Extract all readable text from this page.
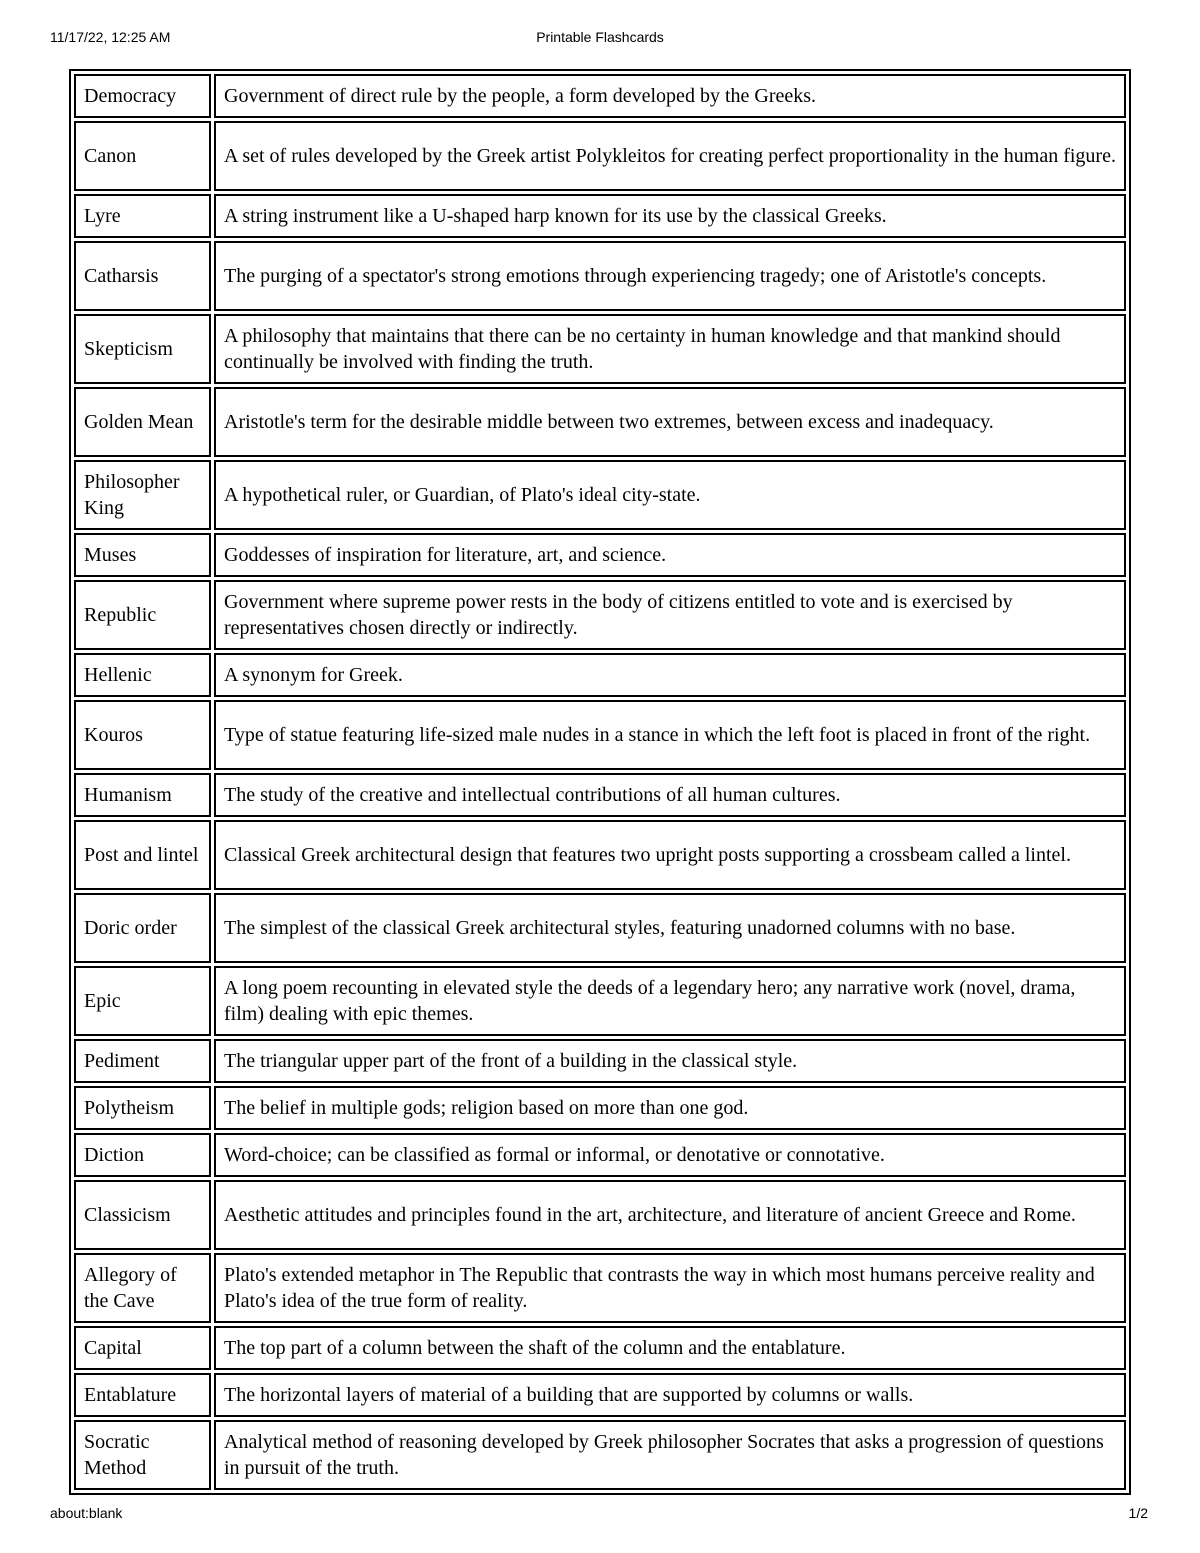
11/17/22, 12:25 AM	Printable Flashcards
Democracy	Government of direct rule by the people, a form developed by the Greeks.
Canon	A set of rules developed by the Greek artist Polykleitos for creating perfect proportionality in the human figure.
Lyre	A string instrument like a U-shaped harp known for its use by the classical Greeks.
Catharsis	The purging of a spectator's strong emotions through experiencing tragedy; one of Aristotle's concepts.
Skepticism	A philosophy that maintains that there can be no certainty in human knowledge and that mankind should continually be involved with finding the truth.
Golden Mean	Aristotle's term for the desirable middle between two extremes, between excess and inadequacy.
Philosopher King	A hypothetical ruler, or Guardian, of Plato's ideal city-state.
Muses	Goddesses of inspiration for literature, art, and science.
Republic	Government where supreme power rests in the body of citizens entitled to vote and is exercised by representatives chosen directly or indirectly.
Hellenic	A synonym for Greek.
Kouros	Type of statue featuring life-sized male nudes in a stance in which the left foot is placed in front of the right.
Humanism	The study of the creative and intellectual contributions of all human cultures.
Post and lintel	Classical Greek architectural design that features two upright posts supporting a crossbeam called a lintel.
Doric order	The simplest of the classical Greek architectural styles, featuring unadorned columns with no base.
Epic	A long poem recounting in elevated style the deeds of a legendary hero; any narrative work (novel, drama, film) dealing with epic themes.
Pediment	The triangular upper part of the front of a building in the classical style.
Polytheism	The belief in multiple gods; religion based on more than one god.
Diction	Word-choice; can be classified as formal or informal, or denotative or connotative.
Classicism	Aesthetic attitudes and principles found in the art, architecture, and literature of ancient Greece and Rome.
Allegory of the Cave	Plato's extended metaphor in The Republic that contrasts the way in which most humans perceive reality and Plato's idea of the true form of reality.
Capital	The top part of a column between the shaft of the column and the entablature.
Entablature	The horizontal layers of material of a building that are supported by columns or walls.
Socratic Method	Analytical method of reasoning developed by Greek philosopher Socrates that asks a progression of questions in pursuit of the truth.
about:blank	1/2
